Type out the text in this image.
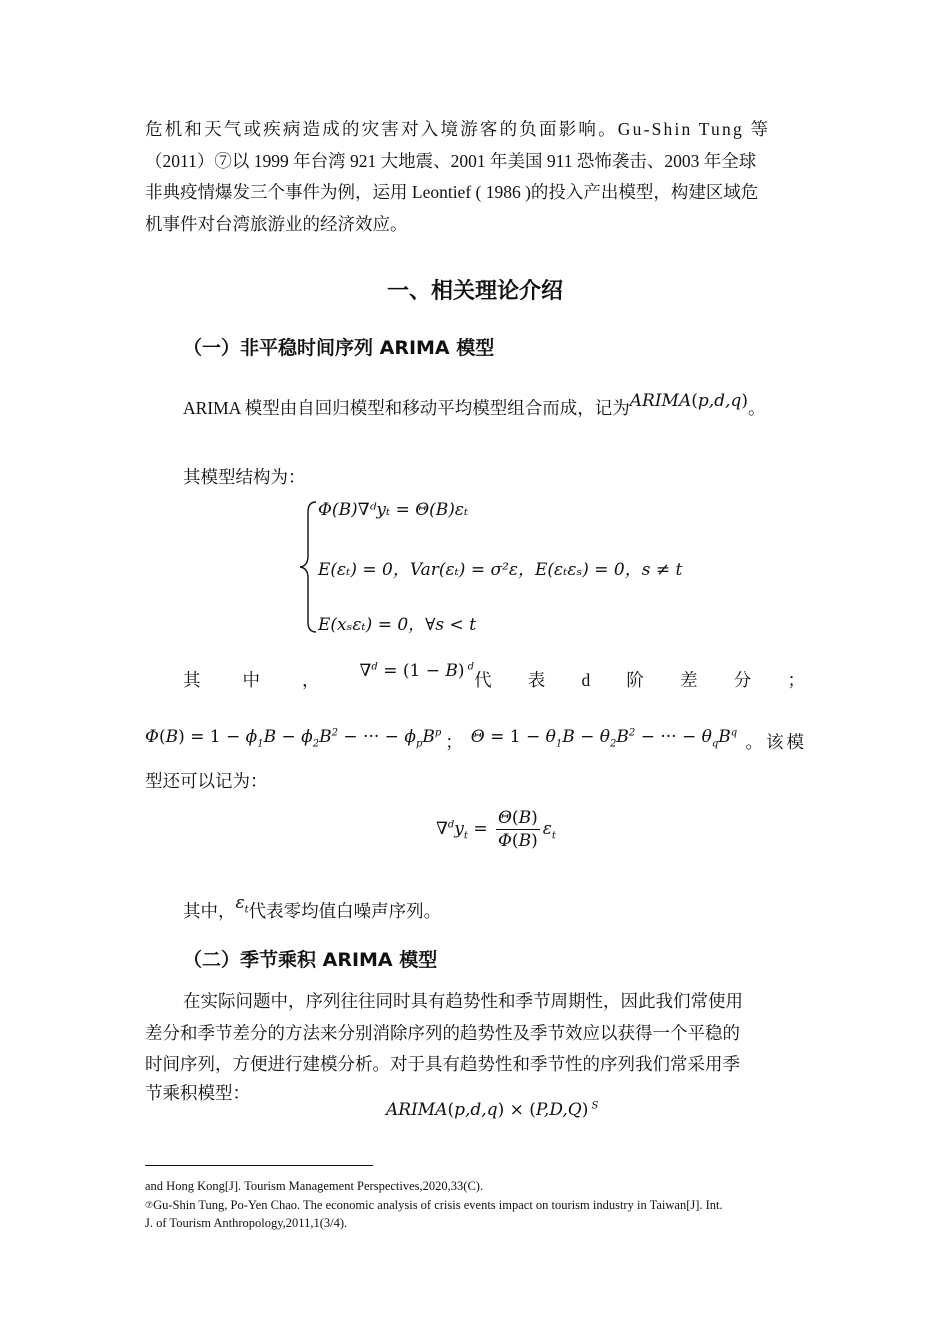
危机和天气或疾病造成的灾害对入境游客的负面影响。Gu-Shin Tung 等
（2011）⑦以 1999 年台湾 921 大地震、2001 年美国 911 恐怖袭击、2003 年全球
非典疫情爆发三个事件为例，运用 Leontief ( 1986 )的投入产出模型，构建区域危
机事件对台湾旅游业的经济效应。
一、相关理论介绍
（一）非平稳时间序列 ARIMA 模型
ARIMA 模型由自回归模型和移动平均模型组合而成，记为ARIMA(p,d,q)。
其模型结构为：
Φ(B)∇ᵈyₜ = Θ(B)εₜ
E(εₜ) = 0，Var(εₜ) = σ²ε，E(εₜεₛ) = 0，s ≠ t
E(xₛεₜ) = 0，∀s < t
其 中 ， ∇$^d$ = (1 − B) $^d$
代 表 d 阶 差 分 ；
$\Phi(B) = 1 - \phi_1B - \phi_2B^2$ − ··· − $\phi_pB^p$ ； $\Theta = 1 - \theta_1B - \theta_2B^2$ − ··· − $\theta_qB^q$ 。该模
型还可以记为：
$\nabla^dy_t = \frac{\Theta(B)}{\Phi(B)} \varepsilon_t$
其中，$\varepsilon_t$代表零均值白噪声序列。
（二）季节乘积 ARIMA 模型
在实际问题中，序列往往同时具有趋势性和季节周期性，因此我们常使用
差分和季节差分的方法来分别消除序列的趋势性及季节效应以获得一个平稳的
时间序列，方便进行建模分析。对于具有趋势性和季节性的序列我们常采用季
节乘积模型：
ARIMA(p,d,q) × (P,D,Q) $^S$
and Hong Kong[J]. Tourism Management Perspectives,2020,33(C).
⑦Gu-Shin Tung, Po-Yen Chao. The economic analysis of crisis events impact on tourism industry in Taiwan[J]. Int.
J. of Tourism Anthropology,2011,1(3/4).
